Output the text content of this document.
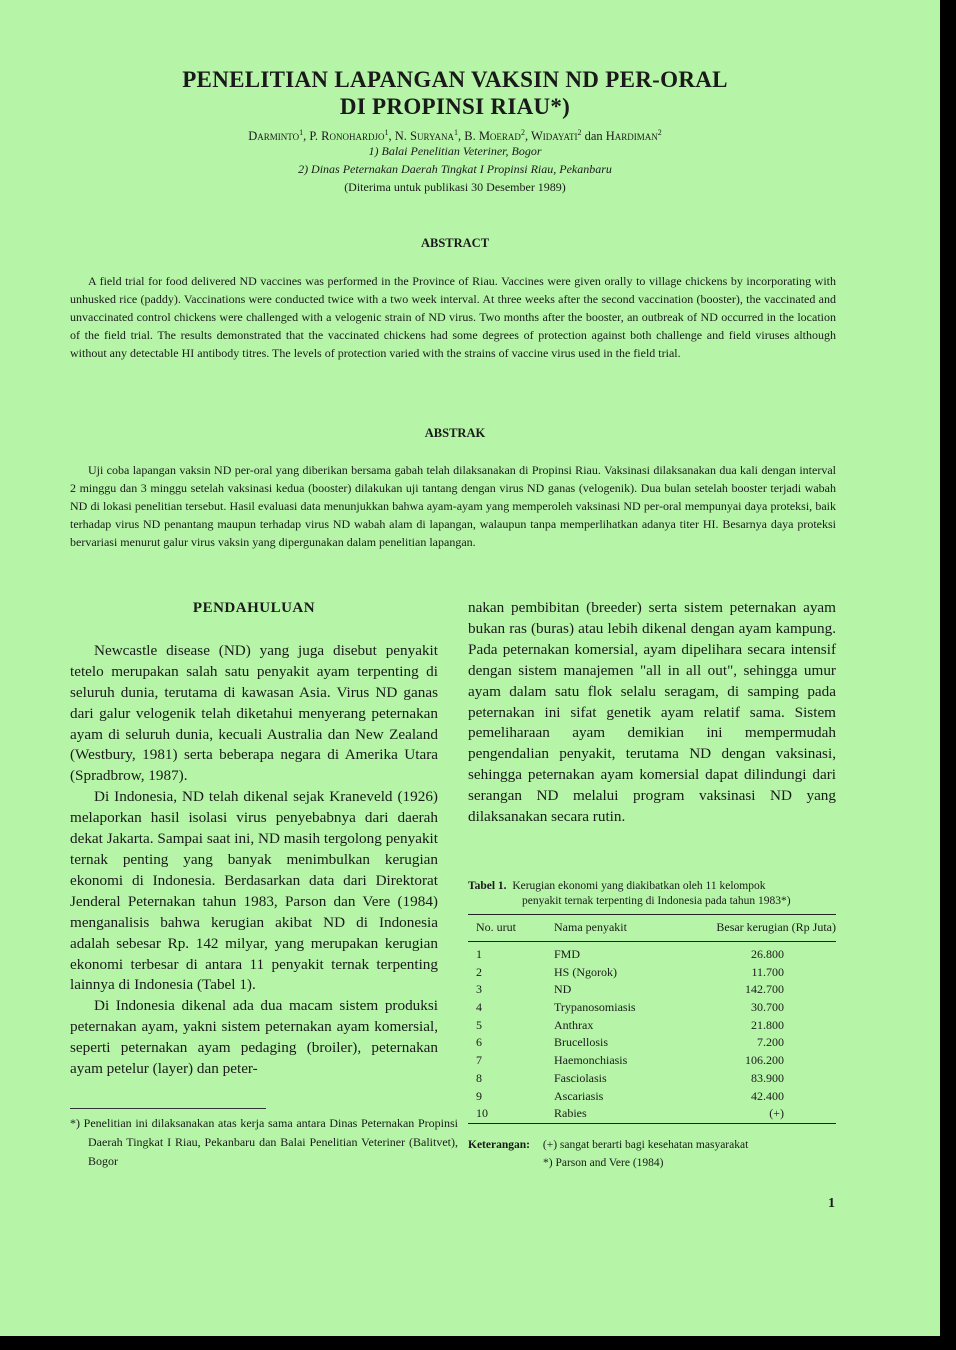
PENELITIAN LAPANGAN VAKSIN ND PER-ORAL
DI PROPINSI RIAU*)
Darminto$^1$, P. Ronohardjo$^1$, N. Suryana$^1$, B. Moerad$^2$, Widayati$^2$ dan Hardiman$^2$
1) Balai Penelitian Veteriner, Bogor
2) Dinas Peternakan Daerah Tingkat I Propinsi Riau, Pekanbaru
(Diterima untuk publikasi 30 Desember 1989)
ABSTRACT
A field trial for food delivered ND vaccines was performed in the Province of Riau. Vaccines were given orally to village chickens by incorporating with unhusked rice (paddy). Vaccinations were conducted twice with a two week interval. At three weeks after the second vaccination (booster), the vaccinated and unvaccinated control chickens were challenged with a velogenic strain of ND virus. Two months after the booster, an outbreak of ND occurred in the location of the field trial. The results demonstrated that the vaccinated chickens had some degrees of protection against both challenge and field viruses although without any detectable HI antibody titres. The levels of protection varied with the strains of vaccine virus used in the field trial.
ABSTRAK
Uji coba lapangan vaksin ND per-oral yang diberikan bersama gabah telah dilaksanakan di Propinsi Riau. Vaksinasi dilaksanakan dua kali dengan interval 2 minggu dan 3 minggu setelah vaksinasi kedua (booster) dilakukan uji tantang dengan virus ND ganas (velogenik). Dua bulan setelah booster terjadi wabah ND di lokasi penelitian tersebut. Hasil evaluasi data menunjukkan bahwa ayam-ayam yang memperoleh vaksinasi ND per-oral mempunyai daya proteksi, baik terhadap virus ND penantang maupun terhadap virus ND wabah alam di lapangan, walaupun tanpa memperlihatkan adanya titer HI. Besarnya daya proteksi bervariasi menurut galur virus vaksin yang dipergunakan dalam penelitian lapangan.

PENDAHULUAN

Newcastle disease (ND) yang juga disebut penyakit tetelo merupakan salah satu penyakit ayam terpenting di seluruh dunia, terutama di kawasan Asia. Virus ND ganas dari galur velogenik telah diketahui menyerang peternakan ayam di seluruh dunia, kecuali Australia dan New Zealand (Westbury, 1981) serta beberapa negara di Amerika Utara (Spradbrow, 1987).

Di Indonesia, ND telah dikenal sejak Kraneveld (1926) melaporkan hasil isolasi virus penyebabnya dari daerah dekat Jakarta. Sampai saat ini, ND masih tergolong penyakit ternak penting yang banyak menimbulkan kerugian ekonomi di Indonesia. Berdasarkan data dari Direktorat Jenderal Peternakan tahun 1983, Parson dan Vere (1984) menganalisis bahwa kerugian akibat ND di Indonesia adalah sebesar Rp. 142 milyar, yang merupakan kerugian ekonomi terbesar di antara 11 penyakit ternak terpenting lainnya di Indonesia (Tabel 1).

Di Indonesia dikenal ada dua macam sistem produksi peternakan ayam, yakni sistem peternakan ayam komersial, seperti peternakan ayam pedaging (broiler), peternakan ayam petelur (layer) dan peter-

nakan pembibitan (breeder) serta sistem peternakan ayam bukan ras (buras) atau lebih dikenal dengan ayam kampung. Pada peternakan komersial, ayam dipelihara secara intensif dengan sistem manajemen "all in all out", sehingga umur ayam dalam satu flok selalu seragam, di samping pada peternakan ini sifat genetik ayam relatif sama. Sistem pemeliharaan ayam demikian ini mempermudah pengendalian penyakit, terutama ND dengan vaksinasi, sehingga peternakan ayam komersial dapat dilindungi dari serangan ND melalui program vaksinasi ND yang dilaksanakan secara rutin.

*) Penelitian ini dilaksanakan atas kerja sama antara Dinas Peternakan Propinsi Daerah Tingkat I Riau, Pekanbaru dan Balai Penelitian Veteriner (Balitvet), Bogor
Tabel 1. Kerugian ekonomi yang diakibatkan oleh 11 kelompok
penyakit ternak terpenting di Indonesia pada tahun 1983*)
No. urut	Nama penyakit	Besar kerugian (Rp Juta)
1	FMD	26.800
2	HS (Ngorok)	11.700
3	ND	142.700
4	Trypanosomiasis	30.700
5	Anthrax	21.800
6	Brucellosis	7.200
7	Haemonchiasis	106.200
8	Fasciolasis	83.900
9	Ascariasis	42.400
10	Rabies	(+)
Keterangan: (+) sangat berarti bagi kesehatan masyarakat
*) Parson and Vere (1984)
1
